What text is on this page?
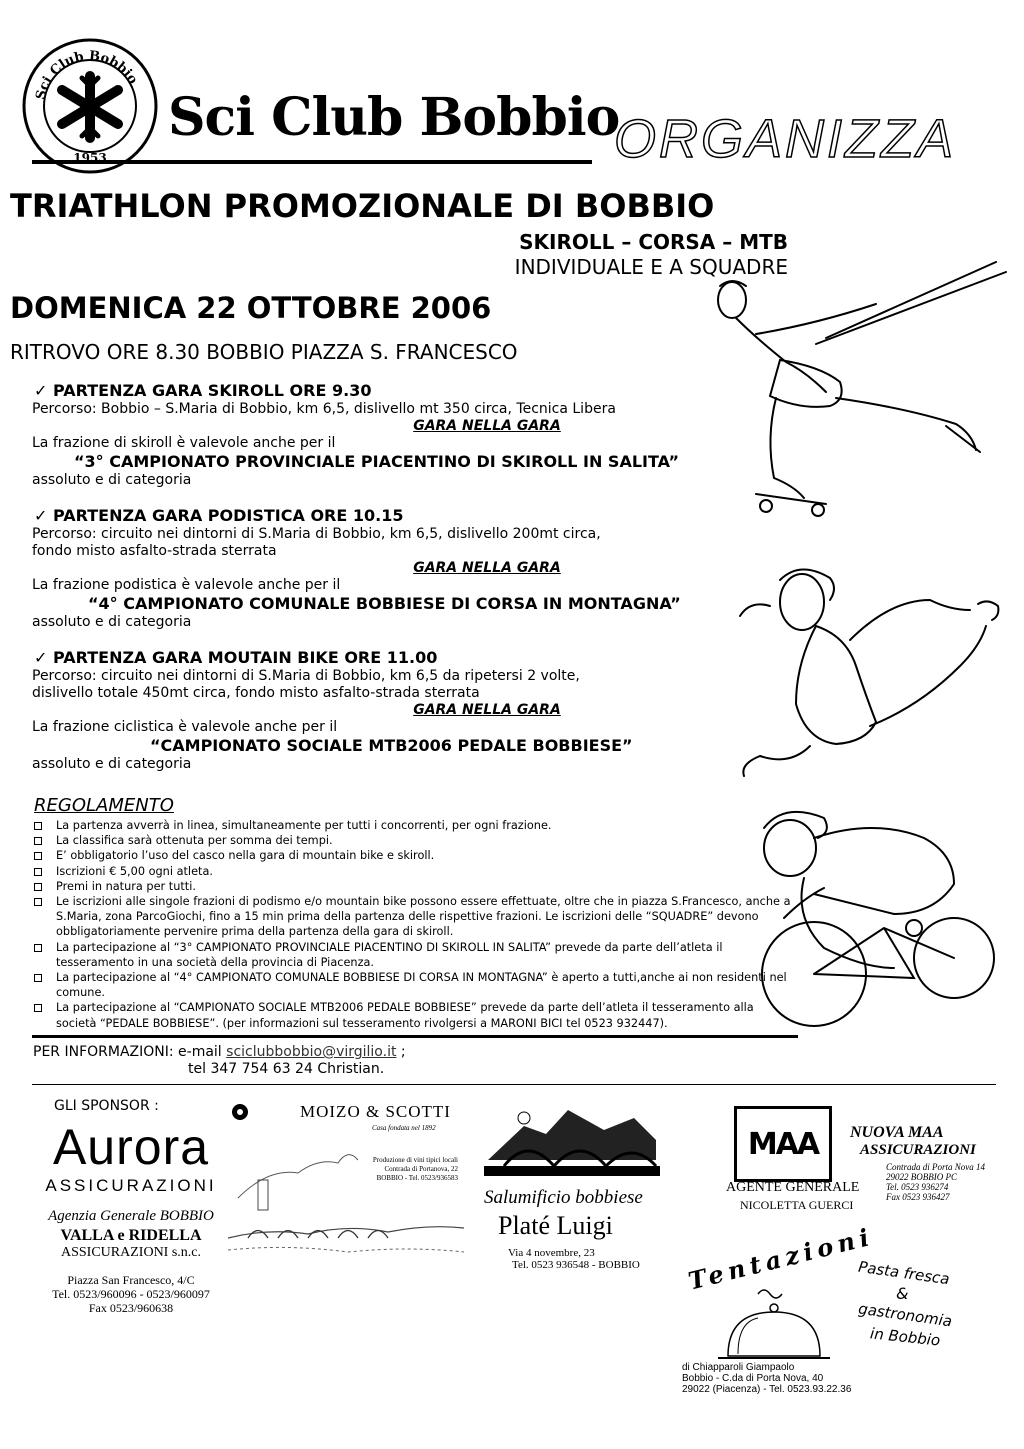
Sci Club Bobbio
1953
Sci Club Bobbio
ORGANIZZA
TRIATHLON PROMOZIONALE DI BOBBIO
SKIROLL – CORSA – MTB
INDIVIDUALE E A SQUADRE
DOMENICA 22 OTTOBRE 2006
RITROVO ORE 8.30 BOBBIO PIAZZA S. FRANCESCO
✓ PARTENZA GARA SKIROLL ORE 9.30
Percorso: Bobbio – S.Maria di Bobbio, km 6,5, dislivello mt 350 circa, Tecnica Libera
GARA NELLA GARA
La frazione di skiroll è valevole anche per il
“3° CAMPIONATO PROVINCIALE PIACENTINO DI SKIROLL IN SALITA”
assoluto e di categoria
✓ PARTENZA GARA PODISTICA ORE 10.15
Percorso: circuito nei dintorni di S.Maria di Bobbio, km 6,5, dislivello 200mt circa,
fondo misto asfalto-strada sterrata
GARA NELLA GARA
La frazione podistica è valevole anche per il
“4° CAMPIONATO COMUNALE BOBBIESE DI CORSA IN MONTAGNA”
assoluto e di categoria
✓ PARTENZA GARA MOUTAIN BIKE ORE 11.00
Percorso: circuito nei dintorni di S.Maria di Bobbio, km 6,5 da ripetersi 2 volte,
dislivello totale 450mt circa, fondo misto asfalto-strada sterrata
GARA NELLA GARA
La frazione ciclistica è valevole anche per il
“CAMPIONATO SOCIALE MTB2006 PEDALE BOBBIESE”
assoluto e di categoria
REGOLAMENTO
La partenza avverrà in linea, simultaneamente per tutti i concorrenti, per ogni frazione.
La classifica sarà ottenuta per somma dei tempi.
E’ obbligatorio l’uso del casco nella gara di mountain bike e skiroll.
Iscrizioni € 5,00 ogni atleta.
Premi in natura per tutti.
Le iscrizioni alle singole frazioni di podismo e/o mountain bike possono essere effettuate, oltre che in piazza S.Francesco, anche a S.Maria, zona ParcoGiochi, fino a 15 min prima della partenza delle rispettive frazioni. Le iscrizioni delle “SQUADRE” devono obbligatoriamente pervenire prima della partenza della gara di skiroll.
La partecipazione al “3° CAMPIONATO PROVINCIALE PIACENTINO DI SKIROLL IN SALITA” prevede da parte dell’atleta il tesseramento in una società della provincia di Piacenza.
La partecipazione al “4° CAMPIONATO COMUNALE BOBBIESE DI CORSA IN MONTAGNA” è aperto a tutti,anche ai non residenti nel comune.
La partecipazione al “CAMPIONATO SOCIALE MTB2006 PEDALE BOBBIESE” prevede da parte dell’atleta il tesseramento alla società “PEDALE BOBBIESE”. (per informazioni sul tesseramento rivolgersi a MARONI BICI tel 0523 932447).
PER INFORMAZIONI: e-mail sciclubbobbio@virgilio.it ;
tel 347 754 63 24 Christian.
GLI SPONSOR :
Aurora
ASSICURAZIONI
Agenzia Generale BOBBIO
VALLA e RIDELLA
ASSICURAZIONI s.n.c.
Piazza San Francesco, 4/C
Tel. 0523/960096 - 0523/960097
Fax 0523/960638
MOIZO & SCOTTI
Casa fondata nel 1892
Produzione di vini tipici locali
Contrada di Portanova, 22
BOBBIO - Tel. 0523/936583
Salumificio bobbiese
Platé Luigi
Via 4 novembre, 23
Tel. 0523 936548 - BOBBIO
MAA NUOVA MAA
ASSICURAZIONI
AGENTE GENERALE
NICOLETTA GUERCI
Contrada di Porta Nova 14
29022 BOBBIO PC
Tel. 0523 936274
Fax 0523 936427
Tentazioni
Pasta fresca
&
gastronomia
in Bobbio
di Chiapparoli Giampaolo
Bobbio - C.da di Porta Nova, 40
29022 (Piacenza) - Tel. 0523.93.22.36
